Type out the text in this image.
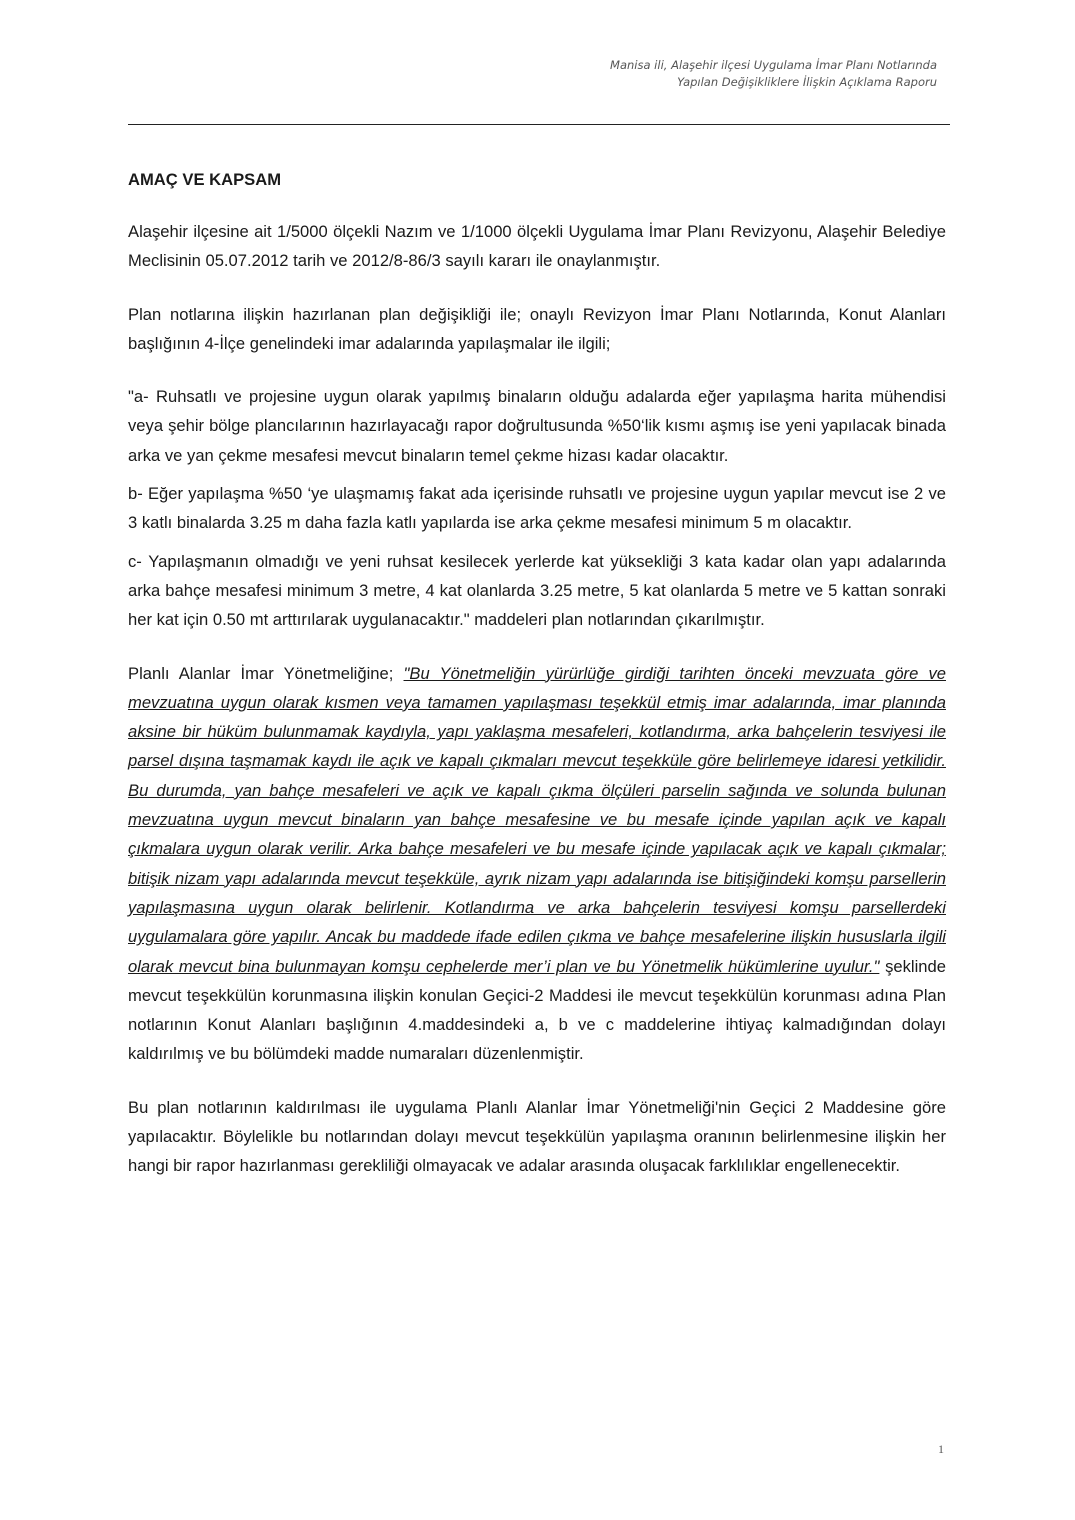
Manisa ili, Alaşehir ilçesi Uygulama İmar Planı Notlarında
Yapılan Değişikliklere İlişkin Açıklama Raporu
AMAÇ VE KAPSAM

Alaşehir ilçesine ait 1/5000 ölçekli Nazım ve 1/1000 ölçekli Uygulama İmar Planı Revizyonu, Alaşehir Belediye Meclisinin 05.07.2012 tarih ve 2012/8-86/3 sayılı kararı ile onaylanmıştır.

Plan notlarına ilişkin hazırlanan plan değişikliği ile; onaylı Revizyon İmar Planı Notlarında, Konut Alanları başlığının 4-İlçe genelindeki imar adalarında yapılaşmalar ile ilgili;

"a- Ruhsatlı ve projesine uygun olarak yapılmış binaların olduğu adalarda eğer yapılaşma harita mühendisi veya şehir bölge plancılarının hazırlayacağı rapor doğrultusunda %50‘lik kısmı aşmış ise yeni yapılacak binada arka ve yan çekme mesafesi mevcut binaların temel çekme hizası kadar olacaktır.

b- Eğer yapılaşma %50 ‘ye ulaşmamış fakat ada içerisinde ruhsatlı ve projesine uygun yapılar mevcut ise 2 ve 3 katlı binalarda 3.25 m daha fazla katlı yapılarda ise arka çekme mesafesi minimum 5 m olacaktır.

c- Yapılaşmanın olmadığı ve yeni ruhsat kesilecek yerlerde kat yüksekliği 3 kata kadar olan yapı adalarında arka bahçe mesafesi minimum 3 metre, 4 kat olanlarda 3.25 metre, 5 kat olanlarda 5 metre ve 5 kattan sonraki her kat için 0.50 mt arttırılarak uygulanacaktır." maddeleri plan notlarından çıkarılmıştır.

Planlı Alanlar İmar Yönetmeliğine; "Bu Yönetmeliğin yürürlüğe girdiği tarihten önceki mevzuata göre ve mevzuatına uygun olarak kısmen veya tamamen yapılaşması teşekkül etmiş imar adalarında, imar planında aksine bir hüküm bulunmamak kaydıyla, yapı yaklaşma mesafeleri, kotlandırma, arka bahçelerin tesviyesi ile parsel dışına taşmamak kaydı ile açık ve kapalı çıkmaları mevcut teşekküle göre belirlemeye idaresi yetkilidir. Bu durumda, yan bahçe mesafeleri ve açık ve kapalı çıkma ölçüleri parselin sağında ve solunda bulunan mevzuatına uygun mevcut binaların yan bahçe mesafesine ve bu mesafe içinde yapılan açık ve kapalı çıkmalara uygun olarak verilir. Arka bahçe mesafeleri ve bu mesafe içinde yapılacak açık ve kapalı çıkmalar; bitişik nizam yapı adalarında mevcut teşekküle, ayrık nizam yapı adalarında ise bitişiğindeki komşu parsellerin yapılaşmasına uygun olarak belirlenir. Kotlandırma ve arka bahçelerin tesviyesi komşu parsellerdeki uygulamalara göre yapılır. Ancak bu maddede ifade edilen çıkma ve bahçe mesafelerine ilişkin hususlarla ilgili olarak mevcut bina bulunmayan komşu cephelerde mer’i plan ve bu Yönetmelik hükümlerine uyulur." şeklinde mevcut teşekkülün korunmasına ilişkin konulan Geçici-2 Maddesi ile mevcut teşekkülün korunması adına Plan notlarının Konut Alanları başlığının 4.maddesindeki a, b ve c maddelerine ihtiyaç kalmadığından dolayı kaldırılmış ve bu bölümdeki madde numaraları düzenlenmiştir.

Bu plan notlarının kaldırılması ile uygulama Planlı Alanlar İmar Yönetmeliği'nin Geçici 2 Maddesine göre yapılacaktır. Böylelikle bu notlarından dolayı mevcut teşekkülün yapılaşma oranının belirlenmesine ilişkin her hangi bir rapor hazırlanması gerekliliği olmayacak ve adalar arasında oluşacak farklılıklar engellenecektir.

1
